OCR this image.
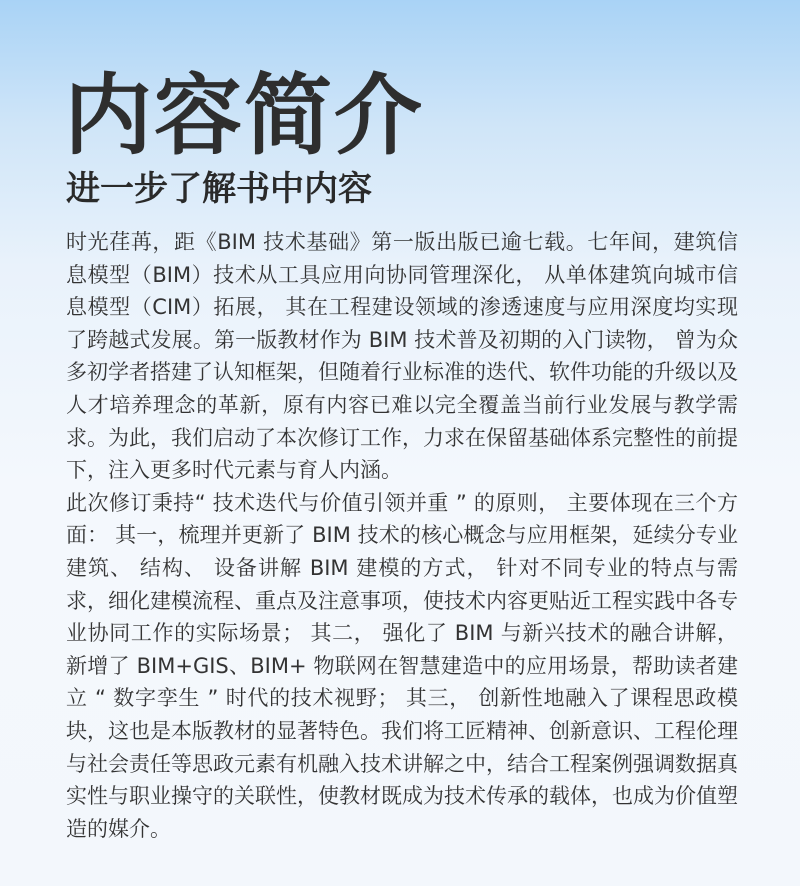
内容简介
进一步了解书中内容

时光荏苒，距《BIM 技术基础》第一版出版已逾七载。七年间，建筑信息模型（BIM）技术从工具应用向协同管理深化， 从单体建筑向城市信息模型（CIM）拓展， 其在工程建设领域的渗透速度与应用深度均实现了跨越式发展。第一版教材作为 BIM 技术普及初期的入门读物， 曾为众多初学者搭建了认知框架，但随着行业标准的迭代、软件功能的升级以及人才培养理念的革新，原有内容已难以完全覆盖当前行业发展与教学需求。为此，我们启动了本次修订工作，力求在保留基础体系完整性的前提下，注入更多时代元素与育人内涵。

此次修订秉持“ 技术迭代与价值引领并重 ” 的原则， 主要体现在三个方面： 其一，梳理并更新了 BIM 技术的核心概念与应用框架，延续分专业建筑、 结构、 设备讲解 BIM 建模的方式， 针对不同专业的特点与需求，细化建模流程、重点及注意事项，使技术内容更贴近工程实践中各专业协同工作的实际场景； 其二， 强化了 BIM 与新兴技术的融合讲解，新增了 BIM+GIS、BIM+ 物联网在智慧建造中的应用场景，帮助读者建立 “ 数字孪生 ” 时代的技术视野； 其三， 创新性地融入了课程思政模块，这也是本版教材的显著特色。我们将工匠精神、创新意识、工程伦理与社会责任等思政元素有机融入技术讲解之中，结合工程案例强调数据真实性与职业操守的关联性，使教材既成为技术传承的载体，也成为价值塑造的媒介。
